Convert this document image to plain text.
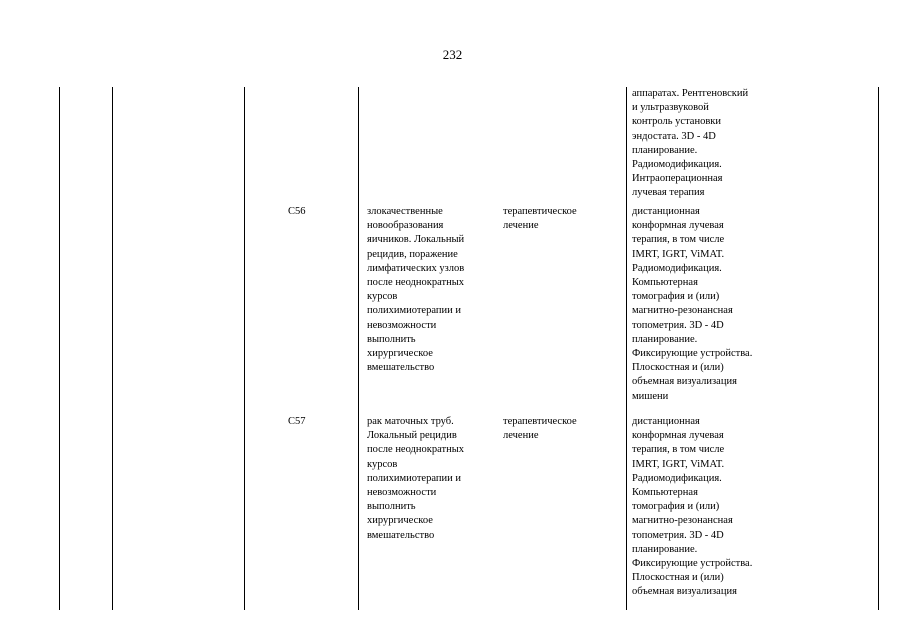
232
аппаратах. Рентгеновский
и ультразвуковой
контроль установки
эндостата. 3D - 4D
планирование.
Радиомодификация.
Интраоперационная
лучевая терапия
C56	злокачественные
новообразования
яичников. Локальный
рецидив, поражение
лимфатических узлов
после неоднократных
курсов
полихимиотерапии и
невозможности
выполнить
хирургическое
вмешательство
терапевтическое
лечение
дистанционная
конформная лучевая
терапия, в том числе
IMRT, IGRT, ViMAT.
Радиомодификация.
Компьютерная
томография и (или)
магнитно-резонансная
топометрия. 3D - 4D
планирование.
Фиксирующие устройства.
Плоскостная и (или)
объемная визуализация
мишени
C57	рак маточных труб.
Локальный рецидив
после неоднократных
курсов
полихимиотерапии и
невозможности
выполнить
хирургическое
вмешательство
терапевтическое
лечение
дистанционная
конформная лучевая
терапия, в том числе
IMRT, IGRT, ViMAT.
Радиомодификация.
Компьютерная
томография и (или)
магнитно-резонансная
топометрия. 3D - 4D
планирование.
Фиксирующие устройства.
Плоскостная и (или)
объемная визуализация
